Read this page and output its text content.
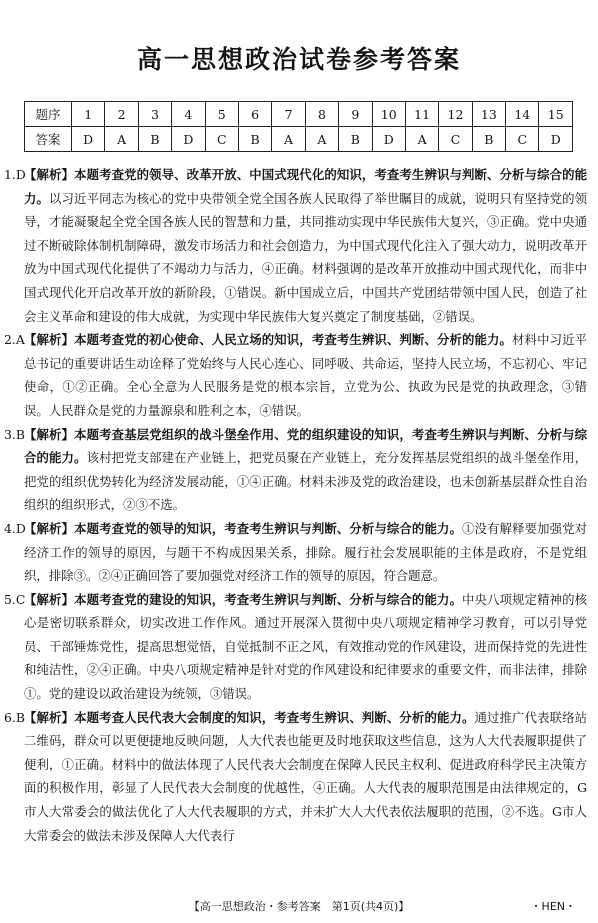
高一思想政治试卷参考答案
题序	1	2	3	4	5	6	7	8	9	10	11	12	13	14	15
答案	D	A	B	D	C	B	A	A	B	D	A	C	B	C	D

1.D
【解析】本题考查党的领导、改革开放、中国式现代化的知识，考查考生辨识与判断、分析与综合的能力。以习近平同志为核心的党中央带领全党全国各族人民取得了举世瞩目的成就，说明只有坚持党的领导，才能凝聚起全党全国各族人民的智慧和力量，共同推动实现中华民族伟大复兴，③正确。党中央通过不断破除体制机制障碍，激发市场活力和社会创造力，为中国式现代化注入了强大动力，说明改革开放为中国式现代化提供了不竭动力与活力，④正确。材料强调的是改革开放推动中国式现代化，而非中国式现代化开启改革开放的新阶段，①错误。新中国成立后，中国共产党团结带领中国人民，创造了社会主义革命和建设的伟大成就，为实现中华民族伟大复兴奠定了制度基础，②错误。

2.A 【解析】本题考查党的初心使命、人民立场的知识，考查考生辨识、判断、分析的能力。材料中习近平总书记的重要讲话生动诠释了党始终与人民心连心、同呼吸、共命运，坚持人民立场，不忘初心、牢记使命，①②正确。全心全意为人民服务是党的根本宗旨，立党为公、执政为民是党的执政理念，③错误。人民群众是党的力量源泉和胜利之本，④错误。

3.B 【解析】本题考查基层党组织的战斗堡垒作用、党的组织建设的知识，考查考生辨识与判断、分析与综合的能力。该村把党支部建在产业链上，把党员聚在产业链上，充分发挥基层党组织的战斗堡垒作用，把党的组织优势转化为经济发展动能，①④正确。材料未涉及党的政治建设，也未创新基层群众性自治组织的组织形式，②③不选。

4.D
【解析】本题考查党的领导的知识，考查考生辨识与判断、分析与综合的能力。①没有解释要加强党对经济工作的领导的原因，与题干不构成因果关系，排除。履行社会发展职能的主体是政府，不是党组织，排除③。②④正确回答了要加强党对经济工作的领导的原因，符合题意。

5.C
【解析】本题考查党的建设的知识，考查考生辨识与判断、分析与综合的能力。中央八项规定精神的核心是密切联系群众，切实改进工作作风。通过开展深入贯彻中央八项规定精神学习教育，可以引导党员、干部锤炼党性，提高思想觉悟，自觉抵制不正之风，有效推动党的作风建设，进而保持党的先进性和纯洁性，②④正确。中央八项规定精神是针对党的作风建设和纪律要求的重要文件，而非法律，排除①。党的建设以政治建设为统领，③错误。

6.B 【解析】本题考查人民代表大会制度的知识，考查考生辨识、判断、分析的能力。通过推广代表联络站二维码，群众可以更便捷地反映问题，人大代表也能更及时地获取这些信息，这为人大代表履职提供了便利，①正确。材料中的做法体现了人民代表大会制度在保障人民民主权利、促进政府科学民主决策方面的积极作用，彰显了人民代表大会制度的优越性，④正确。人大代表的履职范围是由法律规定的，G市人大常委会的做法优化了人大代表履职的方式，并未扩大人大代表依法履职的范围，②不选。G市人大常委会的做法未涉及保障人大代表行

【高一思想政治・参考答案　第1页(共4页)】	・HEN・
